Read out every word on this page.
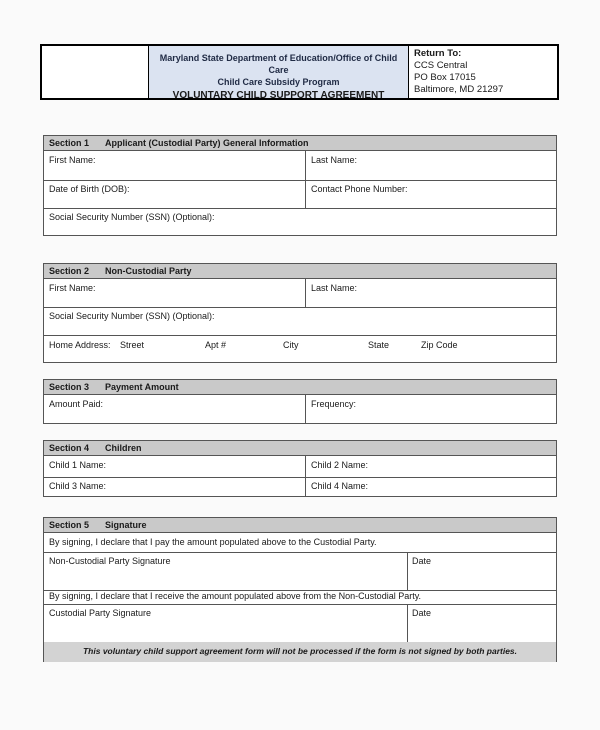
Maryland State Department of Education/Office of Child Care
Child Care Subsidy Program
VOLUNTARY CHILD SUPPORT AGREEMENT
Return To:
CCS Central
PO Box 17015
Baltimore, MD 21297
Section 1 Applicant (Custodial Party) General Information
First Name:	Last Name:
Date of Birth (DOB):	Contact Phone Number:
Social Security Number (SSN) (Optional):
Section 2 Non-Custodial Party
First Name:	Last Name:
Social Security Number (SSN) (Optional):
Home Address: Street	Apt #	City	State	Zip Code
Section 3 Payment Amount
Amount Paid:	Frequency:
Section 4 Children
Child 1 Name:	Child 2 Name:
Child 3 Name:	Child 4 Name:
Section 5 Signature
By signing, I declare that I pay the amount populated above to the Custodial Party.
Non-Custodial Party Signature	Date
By signing, I declare that I receive the amount populated above from the Non-Custodial Party.
Custodial Party Signature	Date
This voluntary child support agreement form will not be processed if the form is not signed by both parties.
